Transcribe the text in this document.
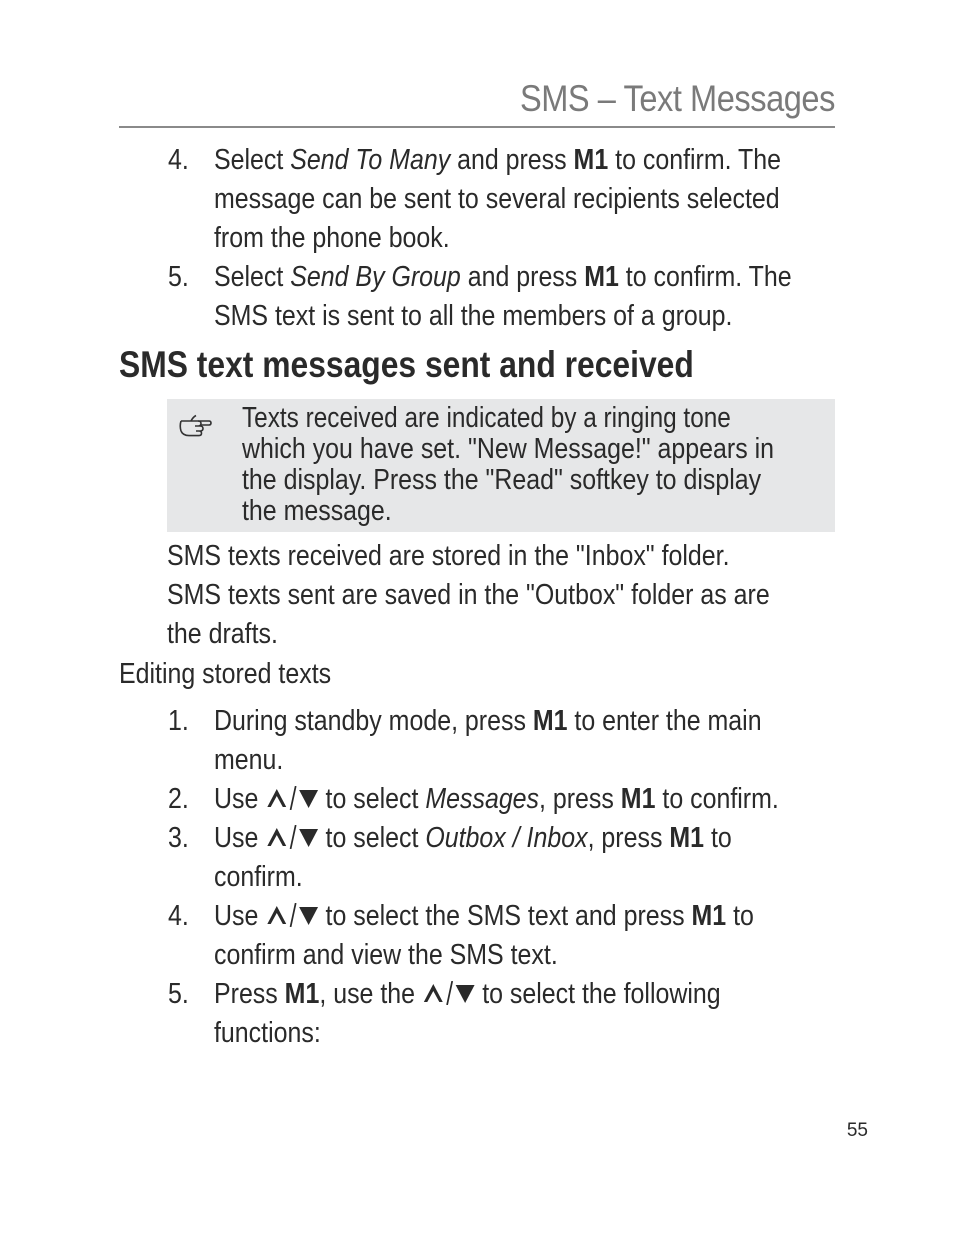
SMS – Text Messages
4. Select Send To Many and press M1 to confirm. The
message can be sent to several recipients selected
from the phone book.
5. Select Send By Group and press M1 to confirm. The
SMS text is sent to all the members of a group.
SMS text messages sent and received
Texts received are indicated by a ringing tone
which you have set. "New Message!" appears in
the display. Press the "Read" softkey to display
the message.
SMS texts received are stored in the "Inbox" folder.
SMS texts sent are saved in the "Outbox" folder as are
the drafts.
Editing stored texts
1. During standby mode, press M1 to enter the main
menu.
2. Use  to select Messages, press M1 to confirm.
3. Use  to select Outbox / Inbox, press M1 to
confirm.
4. Use  to select the SMS text and press M1 to
confirm and view the SMS text.
5. Press M1, use the  to select the following
functions:
55
